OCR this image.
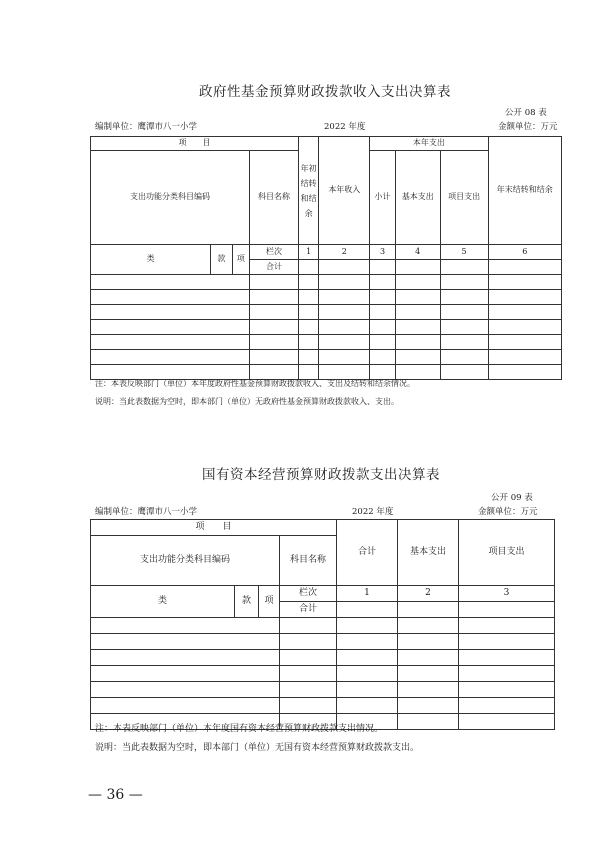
政府性基金预算财政拨款收入支出决算表
公开 08 表
编制单位：鹰潭市八一小学	2022 年度	金额单位：万元
项　　目				年初结转和结余	本年收入	本年支出			年末结转和结余
支出功能分类科目编码			科目名称			小计	基本支出	项目支出	
类	款	项	栏次	1	2	3	4	5	6
			合计						

注：本表反映部门（单位）本年度政府性基金预算财政拨款收入、支出及结转和结余情况。
说明：当此表数据为空时，即本部门（单位）无政府性基金预算财政拨款收入、支出。
国有资本经营预算财政拨款支出决算表
公开 09 表
编制单位：鹰潭市八一小学	2022 年度	金额单位：万元
项　　目				合计	基本支出	项目支出
支出功能分类科目编码			科目名称			
类	款	项	栏次	1	2	3
			合计			

注：本表反映部门（单位）本年度国有资本经营预算财政拨款支出情况。
说明：当此表数据为空时，即本部门（单位）无国有资本经营预算财政拨款支出。
— 36 —
